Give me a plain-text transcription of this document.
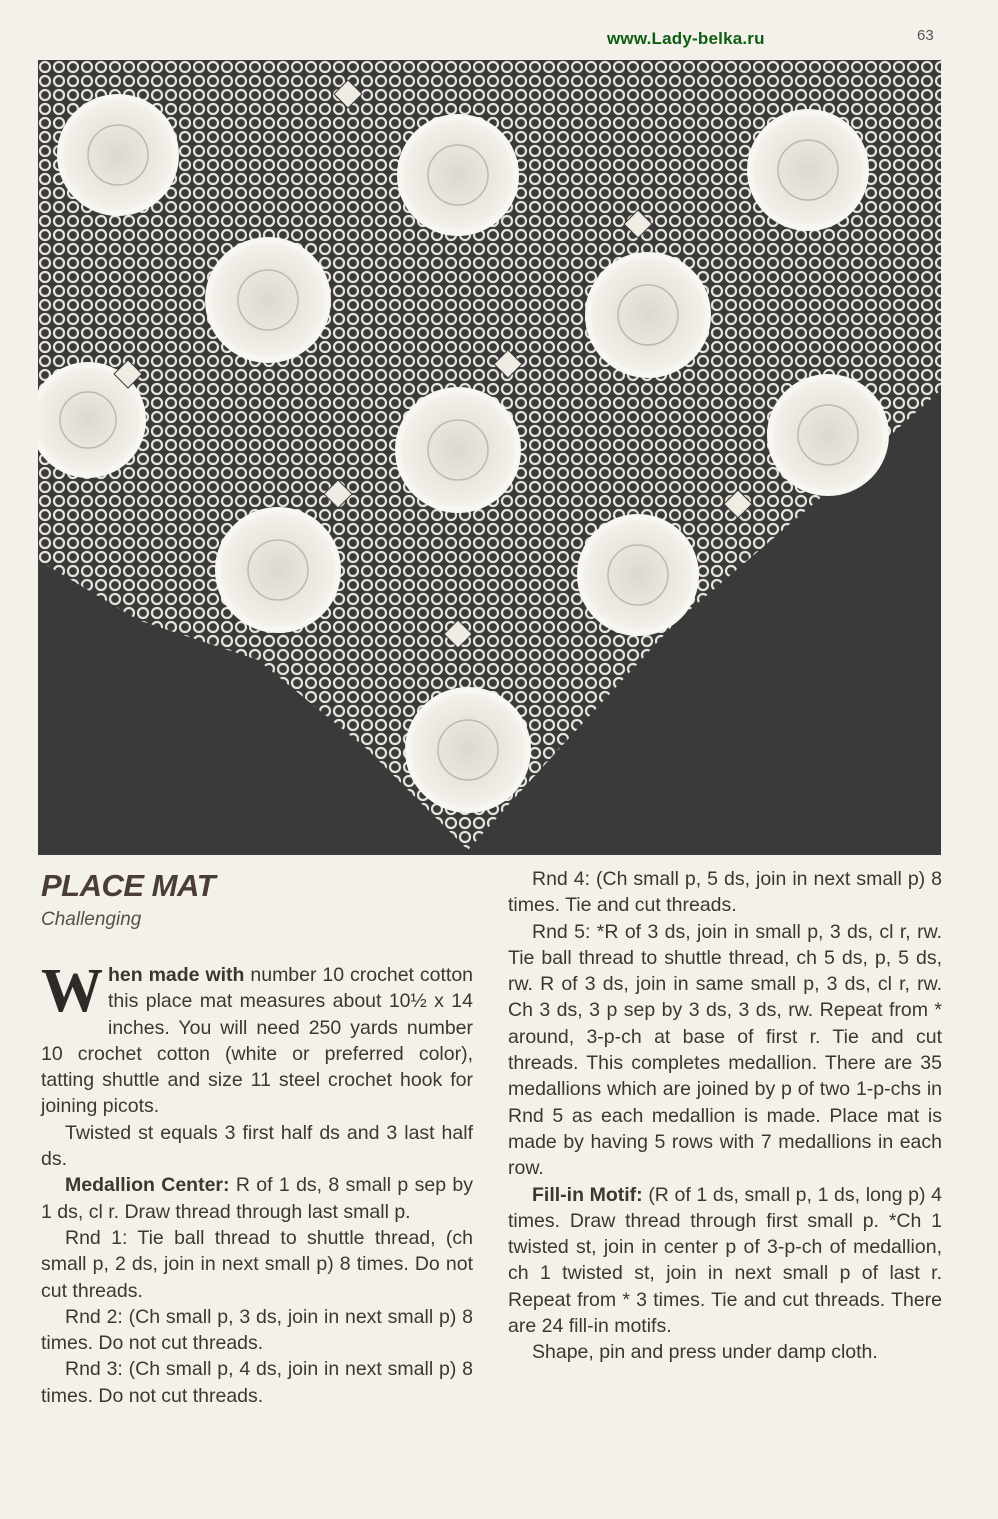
www.Lady-belka.ru	63
PLACE MAT

Challenging

When made with number 10 crochet cotton this place mat measures about 10½ x 14 inches. You will need 250 yards number 10 crochet cotton (white or preferred color), tatting shuttle and size 11 steel crochet hook for joining picots.

Twisted st equals 3 first half ds and 3 last half ds.

Medallion Center: R of 1 ds, 8 small p sep by 1 ds, cl r. Draw thread through last small p.

Rnd 1: Tie ball thread to shuttle thread, (ch small p, 2 ds, join in next small p) 8 times. Do not cut threads.

Rnd 2: (Ch small p, 3 ds, join in next small p) 8 times. Do not cut threads.

Rnd 3: (Ch small p, 4 ds, join in next small p) 8 times. Do not cut threads.

Rnd 4: (Ch small p, 5 ds, join in next small p) 8 times. Tie and cut threads.

Rnd 5: *R of 3 ds, join in small p, 3 ds, cl r, rw. Tie ball thread to shuttle thread, ch 5 ds, p, 5 ds, rw. R of 3 ds, join in same small p, 3 ds, cl r, rw. Ch 3 ds, 3 p sep by 3 ds, 3 ds, rw. Repeat from * around, 3-p-ch at base of first r. Tie and cut threads. This completes medallion. There are 35 medallions which are joined by p of two 1-p-chs in Rnd 5 as each medallion is made. Place mat is made by having 5 rows with 7 medallions in each row.

Fill-in Motif: (R of 1 ds, small p, 1 ds, long p) 4 times. Draw thread through first small p. *Ch 1 twisted st, join in center p of 3-p-ch of medallion, ch 1 twisted st, join in next small p of last r. Repeat from * 3 times. Tie and cut threads. There are 24 fill-in motifs.

Shape, pin and press under damp cloth.
